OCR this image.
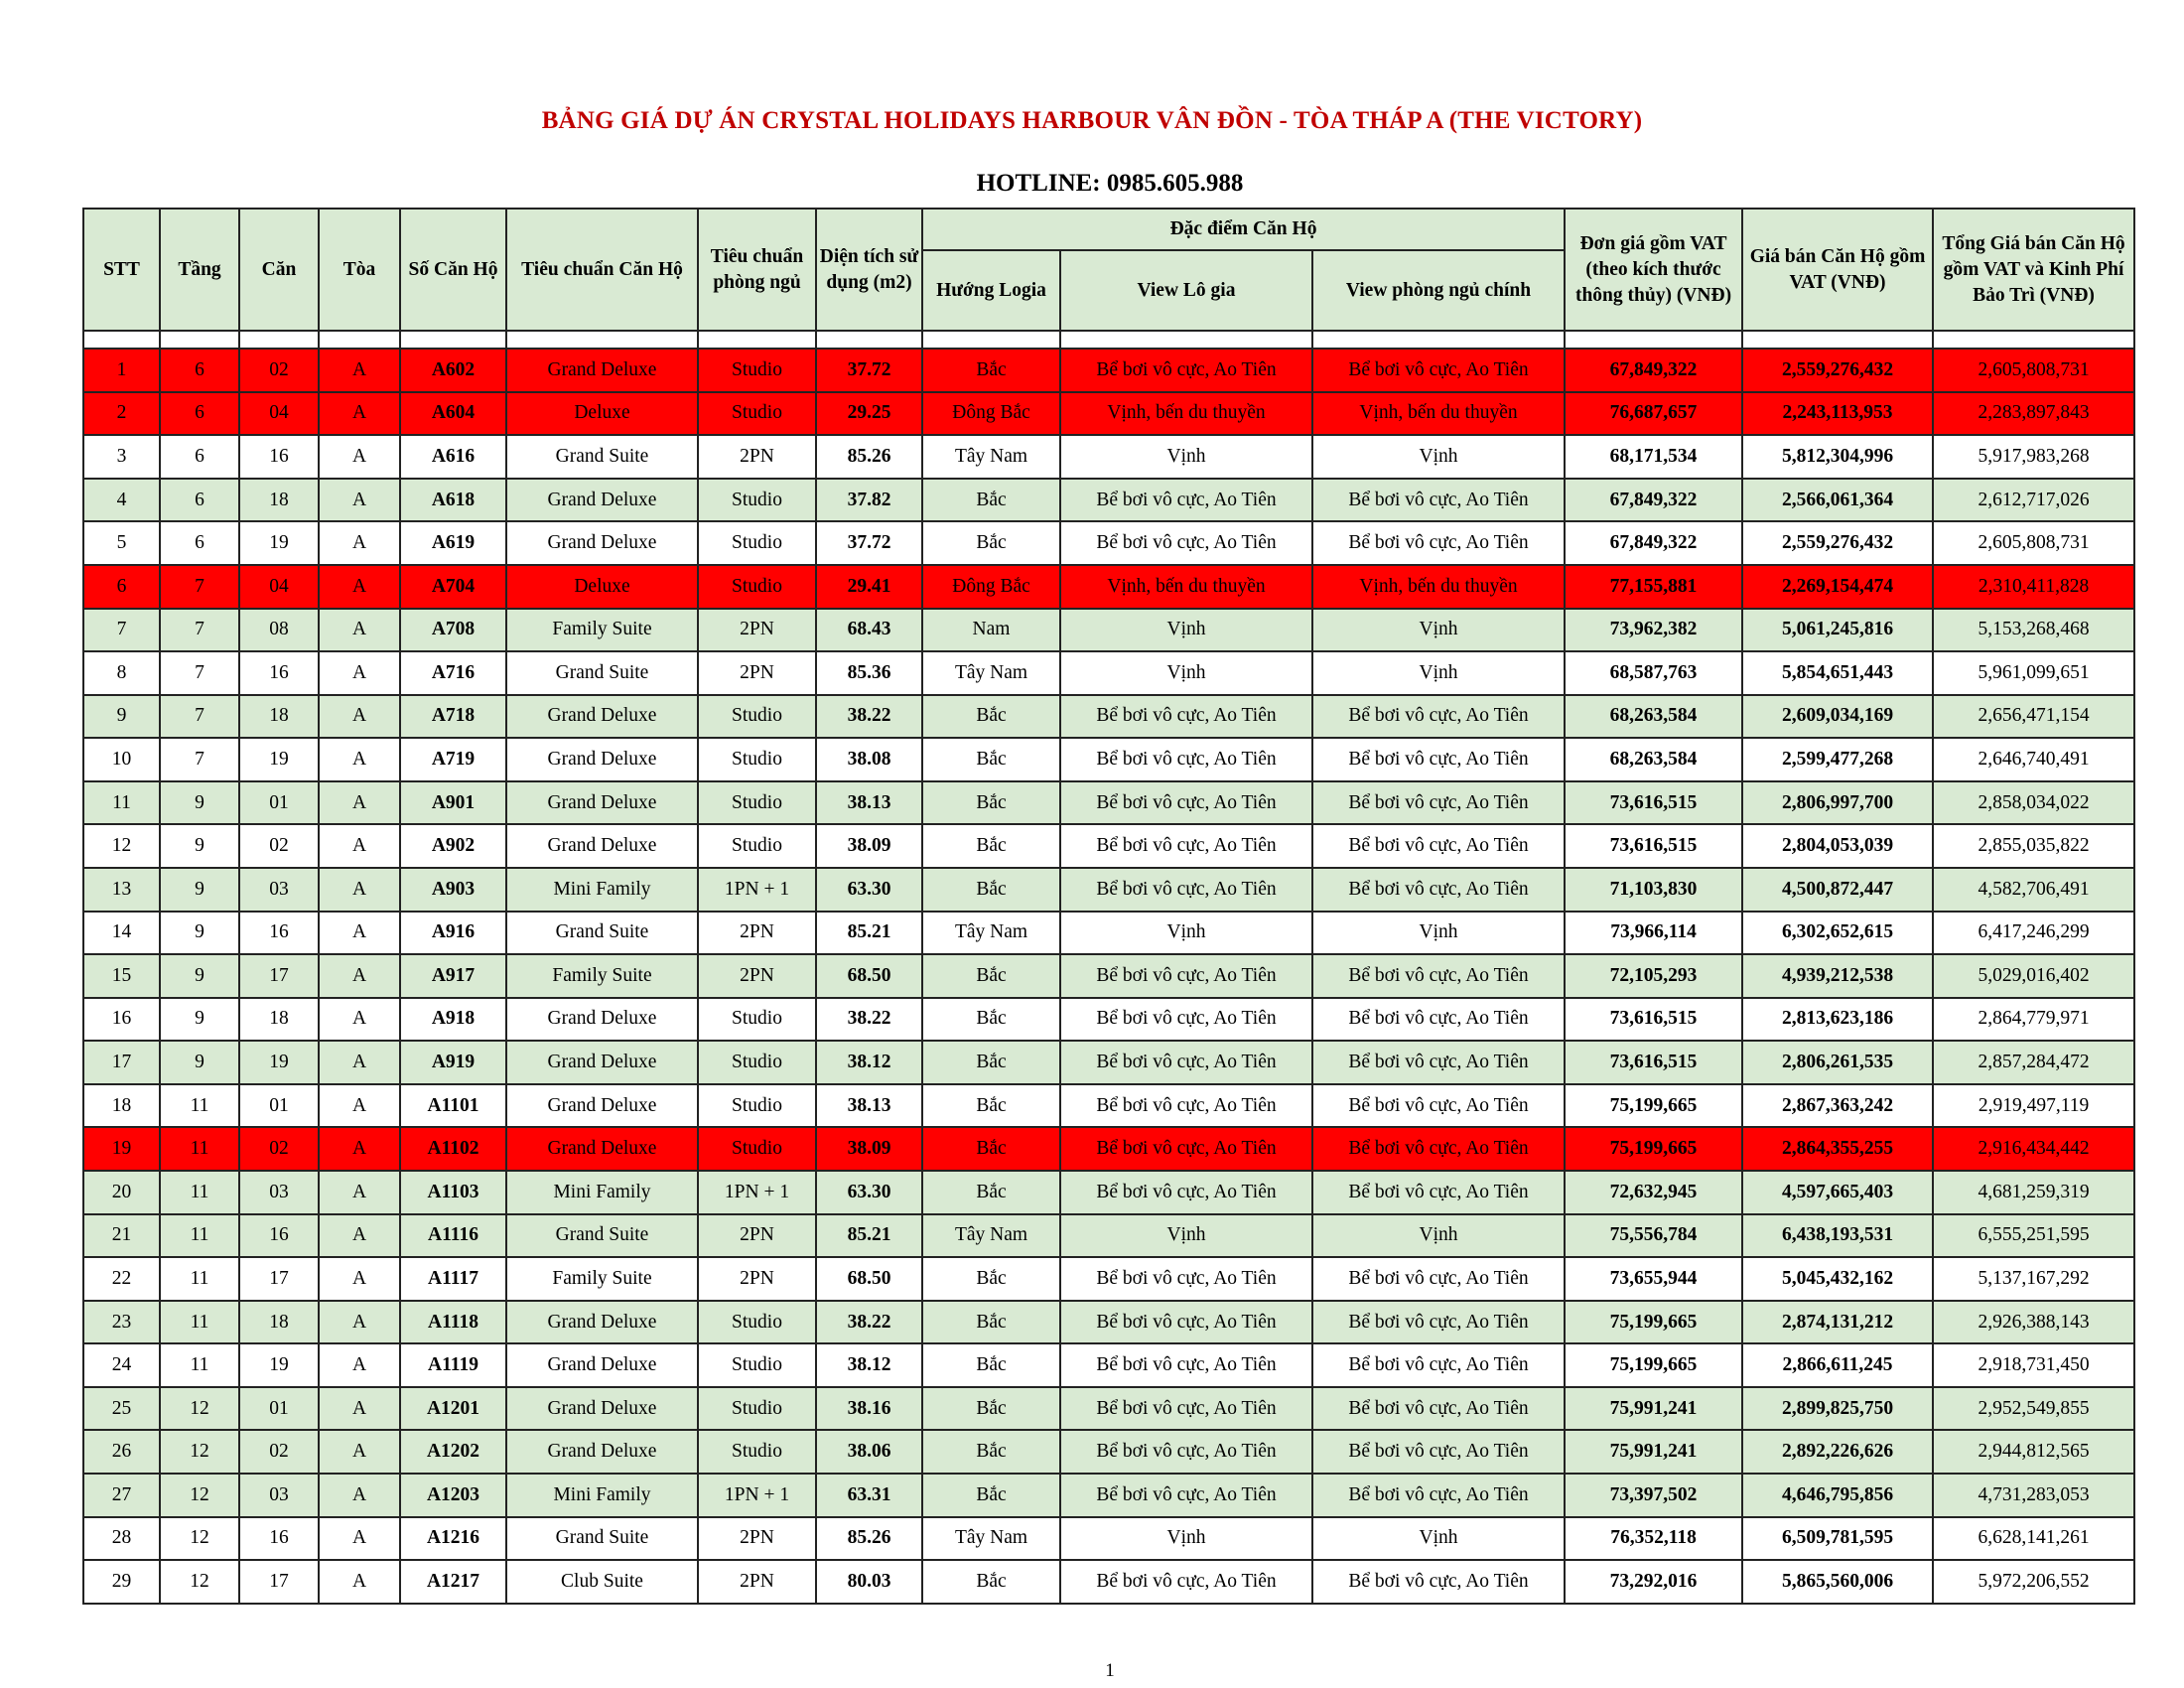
BẢNG GIÁ DỰ ÁN CRYSTAL HOLIDAYS HARBOUR VÂN ĐỒN - TÒA THÁP A (THE VICTORY)
HOTLINE: 0985.605.988
STT	Tầng	Căn	Tòa	Số Căn Hộ	Tiêu chuẩn Căn Hộ	Tiêu chuẩn phòng ngủ	Diện tích sử dụng (m2)	Đặc điểm Căn Hộ			Đơn giá gồm VAT (theo kích thước thông thủy) (VNĐ)	Giá bán Căn Hộ gồm VAT (VNĐ)	Tổng Giá bán Căn Hộ gồm VAT và Kinh Phí Bảo Trì (VNĐ)
								Hướng Logia	View Lô gia	View phòng ngủ chính			

1	6	02	A	A602	Grand Deluxe	Studio	37.72	Bắc	Bể bơi vô cực, Ao Tiên	Bể bơi vô cực, Ao Tiên	67,849,322	2,559,276,432	2,605,808,731
2	6	04	A	A604	Deluxe	Studio	29.25	Đông Bắc	Vịnh, bến du thuyền	Vịnh, bến du thuyền	76,687,657	2,243,113,953	2,283,897,843
3	6	16	A	A616	Grand Suite	2PN	85.26	Tây Nam	Vịnh	Vịnh	68,171,534	5,812,304,996	5,917,983,268
4	6	18	A	A618	Grand Deluxe	Studio	37.82	Bắc	Bể bơi vô cực, Ao Tiên	Bể bơi vô cực, Ao Tiên	67,849,322	2,566,061,364	2,612,717,026
5	6	19	A	A619	Grand Deluxe	Studio	37.72	Bắc	Bể bơi vô cực, Ao Tiên	Bể bơi vô cực, Ao Tiên	67,849,322	2,559,276,432	2,605,808,731
6	7	04	A	A704	Deluxe	Studio	29.41	Đông Bắc	Vịnh, bến du thuyền	Vịnh, bến du thuyền	77,155,881	2,269,154,474	2,310,411,828
7	7	08	A	A708	Family Suite	2PN	68.43	Nam	Vịnh	Vịnh	73,962,382	5,061,245,816	5,153,268,468
8	7	16	A	A716	Grand Suite	2PN	85.36	Tây Nam	Vịnh	Vịnh	68,587,763	5,854,651,443	5,961,099,651
9	7	18	A	A718	Grand Deluxe	Studio	38.22	Bắc	Bể bơi vô cực, Ao Tiên	Bể bơi vô cực, Ao Tiên	68,263,584	2,609,034,169	2,656,471,154
10	7	19	A	A719	Grand Deluxe	Studio	38.08	Bắc	Bể bơi vô cực, Ao Tiên	Bể bơi vô cực, Ao Tiên	68,263,584	2,599,477,268	2,646,740,491
11	9	01	A	A901	Grand Deluxe	Studio	38.13	Bắc	Bể bơi vô cực, Ao Tiên	Bể bơi vô cực, Ao Tiên	73,616,515	2,806,997,700	2,858,034,022
12	9	02	A	A902	Grand Deluxe	Studio	38.09	Bắc	Bể bơi vô cực, Ao Tiên	Bể bơi vô cực, Ao Tiên	73,616,515	2,804,053,039	2,855,035,822
13	9	03	A	A903	Mini Family	1PN + 1	63.30	Bắc	Bể bơi vô cực, Ao Tiên	Bể bơi vô cực, Ao Tiên	71,103,830	4,500,872,447	4,582,706,491
14	9	16	A	A916	Grand Suite	2PN	85.21	Tây Nam	Vịnh	Vịnh	73,966,114	6,302,652,615	6,417,246,299
15	9	17	A	A917	Family Suite	2PN	68.50	Bắc	Bể bơi vô cực, Ao Tiên	Bể bơi vô cực, Ao Tiên	72,105,293	4,939,212,538	5,029,016,402
16	9	18	A	A918	Grand Deluxe	Studio	38.22	Bắc	Bể bơi vô cực, Ao Tiên	Bể bơi vô cực, Ao Tiên	73,616,515	2,813,623,186	2,864,779,971
17	9	19	A	A919	Grand Deluxe	Studio	38.12	Bắc	Bể bơi vô cực, Ao Tiên	Bể bơi vô cực, Ao Tiên	73,616,515	2,806,261,535	2,857,284,472
18	11	01	A	A1101	Grand Deluxe	Studio	38.13	Bắc	Bể bơi vô cực, Ao Tiên	Bể bơi vô cực, Ao Tiên	75,199,665	2,867,363,242	2,919,497,119
19	11	02	A	A1102	Grand Deluxe	Studio	38.09	Bắc	Bể bơi vô cực, Ao Tiên	Bể bơi vô cực, Ao Tiên	75,199,665	2,864,355,255	2,916,434,442
20	11	03	A	A1103	Mini Family	1PN + 1	63.30	Bắc	Bể bơi vô cực, Ao Tiên	Bể bơi vô cực, Ao Tiên	72,632,945	4,597,665,403	4,681,259,319
21	11	16	A	A1116	Grand Suite	2PN	85.21	Tây Nam	Vịnh	Vịnh	75,556,784	6,438,193,531	6,555,251,595
22	11	17	A	A1117	Family Suite	2PN	68.50	Bắc	Bể bơi vô cực, Ao Tiên	Bể bơi vô cực, Ao Tiên	73,655,944	5,045,432,162	5,137,167,292
23	11	18	A	A1118	Grand Deluxe	Studio	38.22	Bắc	Bể bơi vô cực, Ao Tiên	Bể bơi vô cực, Ao Tiên	75,199,665	2,874,131,212	2,926,388,143
24	11	19	A	A1119	Grand Deluxe	Studio	38.12	Bắc	Bể bơi vô cực, Ao Tiên	Bể bơi vô cực, Ao Tiên	75,199,665	2,866,611,245	2,918,731,450
25	12	01	A	A1201	Grand Deluxe	Studio	38.16	Bắc	Bể bơi vô cực, Ao Tiên	Bể bơi vô cực, Ao Tiên	75,991,241	2,899,825,750	2,952,549,855
26	12	02	A	A1202	Grand Deluxe	Studio	38.06	Bắc	Bể bơi vô cực, Ao Tiên	Bể bơi vô cực, Ao Tiên	75,991,241	2,892,226,626	2,944,812,565
27	12	03	A	A1203	Mini Family	1PN + 1	63.31	Bắc	Bể bơi vô cực, Ao Tiên	Bể bơi vô cực, Ao Tiên	73,397,502	4,646,795,856	4,731,283,053
28	12	16	A	A1216	Grand Suite	2PN	85.26	Tây Nam	Vịnh	Vịnh	76,352,118	6,509,781,595	6,628,141,261
29	12	17	A	A1217	Club Suite	2PN	80.03	Bắc	Bể bơi vô cực, Ao Tiên	Bể bơi vô cực, Ao Tiên	73,292,016	5,865,560,006	5,972,206,552
1
